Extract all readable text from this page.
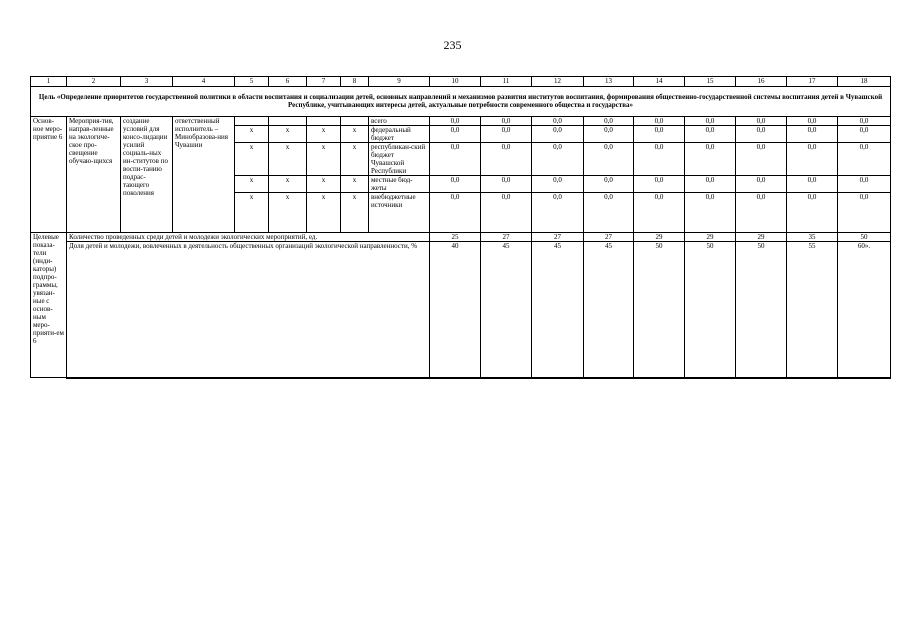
235
1	2	3	4	5	6	7	8	9	10	11	12	13	14	15	16	17	18
Цель «Определение приоритетов государственной политики в области воспитания и социализации детей, основных направлений и механизмов развития институтов воспитания, формирования общественно-государственной системы воспитания детей в Чувашской Республике, учитывающих интересы детей, актуальные потребности современного общества и государства»																	
Основ-ное меро-приятие 6	Мероприя-тия, направ-ленные на экологиче-ское про-свещение обучаю-щихся	создание условий для консо-лидации усилий социаль-ных ин-ститутов по воспи-танию подрас-тающего поколения	ответственный исполнитель – Минобразова-ния Чувашии					всего	0,0	0,0	0,0	0,0	0,0	0,0	0,0	0,0	0,0
				x	x	x	x	федеральный бюджет	0,0	0,0	0,0	0,0	0,0	0,0	0,0	0,0	0,0
				x	x	x	x	республикан-ский бюджет Чувашской Республики	0,0	0,0	0,0	0,0	0,0	0,0	0,0	0,0	0,0
				x	x	x	x	местные бюд-жеты	0,0	0,0	0,0	0,0	0,0	0,0	0,0	0,0	0,0
				x	x	x	x	внебюджетные источники	0,0	0,0	0,0	0,0	0,0	0,0	0,0	0,0	0,0
Целевые показа-тели (инди-каторы) подпро-граммы, увязан-ные с основ-ным меро-прияти-ем 6	Количество проведенных среди детей и молодежи экологических мероприятий, ед.								25	27	27	27	29	29	29	35	50
	Доля детей и молодежи, вовлеченных в деятельность общественных организаций экологической направленности, %								40	45	45	45	50	50	50	55	60».
